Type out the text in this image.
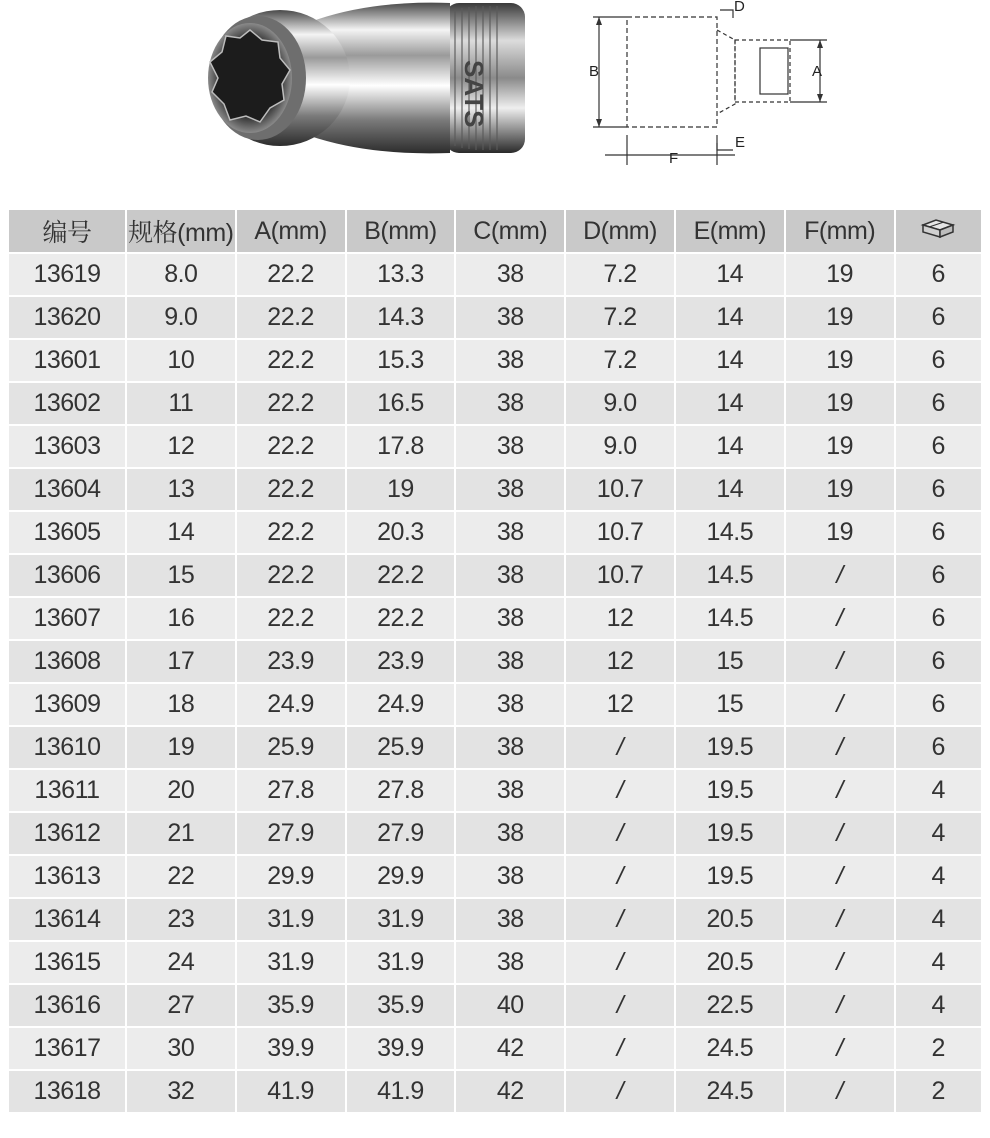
SATS
D
B	A
E
F
编号	规格(mm)	A(mm)	B(mm)	C(mm)	D(mm)	E(mm)	F(mm)	
13619	8.0	22.2	13.3	38	7.2	14	19	6
13620	9.0	22.2	14.3	38	7.2	14	19	6
13601	10	22.2	15.3	38	7.2	14	19	6
13602	11	22.2	16.5	38	9.0	14	19	6
13603	12	22.2	17.8	38	9.0	14	19	6
13604	13	22.2	19	38	10.7	14	19	6
13605	14	22.2	20.3	38	10.7	14.5	19	6
13606	15	22.2	22.2	38	10.7	14.5	/	6
13607	16	22.2	22.2	38	12	14.5	/	6
13608	17	23.9	23.9	38	12	15	/	6
13609	18	24.9	24.9	38	12	15	/	6
13610	19	25.9	25.9	38	/	19.5	/	6
13611	20	27.8	27.8	38	/	19.5	/	4
13612	21	27.9	27.9	38	/	19.5	/	4
13613	22	29.9	29.9	38	/	19.5	/	4
13614	23	31.9	31.9	38	/	20.5	/	4
13615	24	31.9	31.9	38	/	20.5	/	4
13616	27	35.9	35.9	40	/	22.5	/	4
13617	30	39.9	39.9	42	/	24.5	/	2
13618	32	41.9	41.9	42	/	24.5	/	2
